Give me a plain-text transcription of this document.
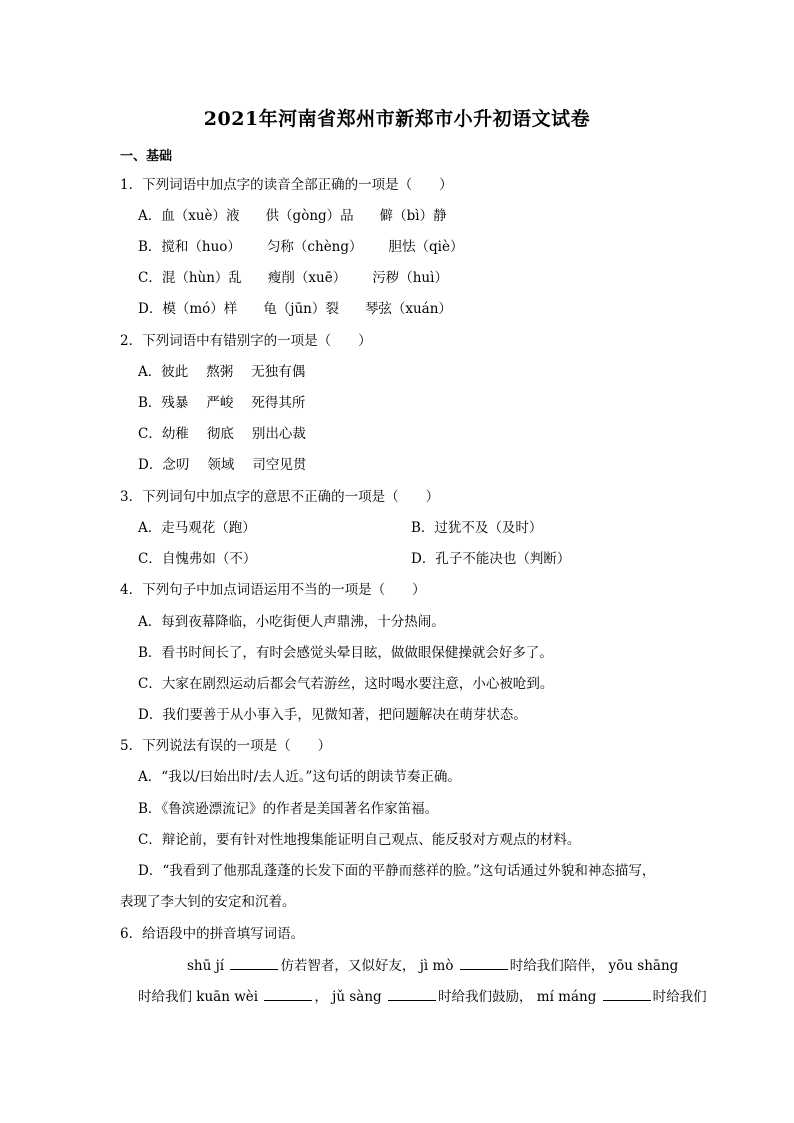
2021年河南省郑州市新郑市小升初语文试卷
一、基础
1．下列词语中加点字的读音全部正确的一项是（　　）
A．血（xuè）液 供（gòng）品 僻（bì）静
B．搅和（huo） 匀称（chèng） 胆怯（qiè）
C．混（hùn）乱 瘦削（xuē） 污秽（huì）
D．模（mó）样 龟（jūn）裂 琴弦（xuán）
2．下列词语中有错别字的一项是（　　）
A．彼此 熬粥 无独有偶
B．残暴 严峻 死得其所
C．幼稚 彻底 别出心裁
D．念叨 领域 司空见贯
3．下列词句中加点字的意思不正确的一项是（　　）
A．走马观花（跑）	B．过犹不及（及时）
C．自愧弗如（不）	D．孔子不能决也（判断）
4．下列句子中加点词语运用不当的一项是（　　）
A．每到夜幕降临，小吃街便人声鼎沸，十分热闹。
B．看书时间长了，有时会感觉头晕目眩，做做眼保健操就会好多了。
C．大家在剧烈运动后都会气若游丝，这时喝水要注意，小心被呛到。
D．我们要善于从小事入手，见微知著，把问题解决在萌芽状态。
5．下列说法有误的一项是（　　）
A．“我以/曰始出时/去人近。”这句话的朗读节奏正确。
B．《鲁滨逊漂流记》的作者是美国著名作家笛福。
C．辩论前，要有针对性地搜集能证明自己观点、能反驳对方观点的材料。
D．“我看到了他那乱蓬蓬的长发下面的平静而慈祥的脸。”这句话通过外貌和神态描写，
表现了李大钊的安定和沉着。
6．给语段中的拼音填写词语。
shū jí	仿若智者，又似好友， jì mò	时给我们陪伴， yōu shāng
时给我们 kuān wèi	， jǔ sàng	时给我们鼓励， mí máng	时给我们
